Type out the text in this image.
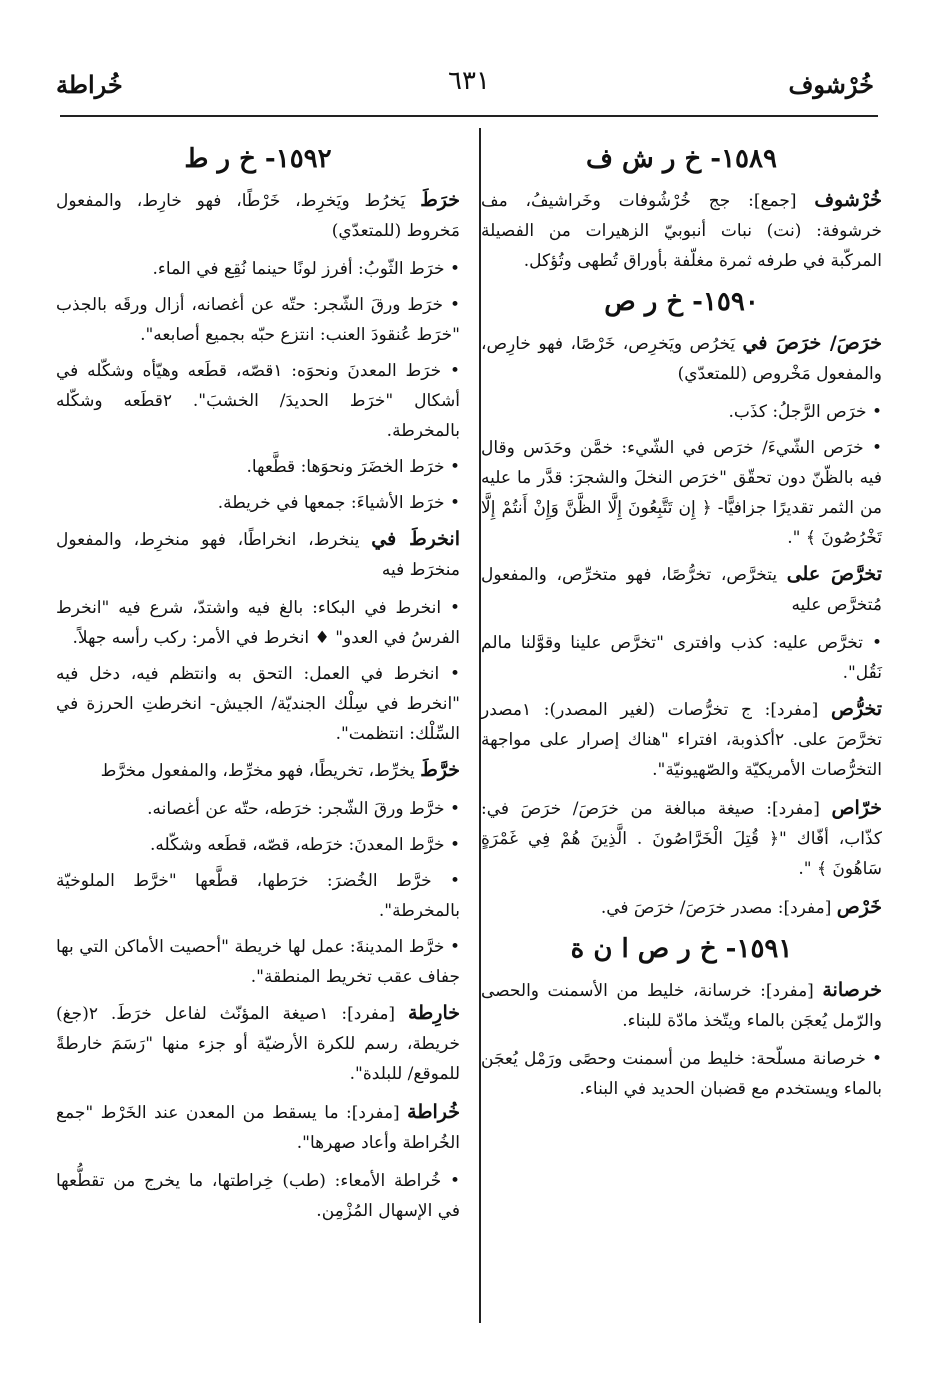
خُرْشوف
٦٣١
خُراطة
١٥٨٩- خ ر ش ف
خُرْشوف [جمع]: جج خُرْشُوفات وخَراشيفُ، مف خرشوفة: (نت) نبات أنبوبيّ الزهيرات من الفصيلة المركّبة في طرفه ثمرة مغلّفة بأوراق تُطهى وتُؤكل.
١٥٩٠- خ ر ص
خرَصَ/ خرَصَ في يَخرُص ويَخرِص، خَرْصًا، فهو خارِص، والمفعول مَخْروص (للمتعدّي)
• خرَص الرَّجلُ: كذَب.
• خرَص الشّيءَ/ خرَص في الشّيء: خمَّن وحَدَس وقال فيه بالظّنّ دون تحقّق "خرَص النخلَ والشجرَ: قدَّر ما عليه من الثمر تقديرًا جزافيًّا- ﴿ إِن تَتَّبِعُونَ إِلَّا الظَّنَّ وَإِنْ أَنتُمْ إِلَّا تَخْرُصُونَ ﴾ ".
تخرَّصَ على يتخرَّص، تخرُّصًا، فهو متخرِّص، والمفعول مُتخرَّص عليه
• تخرَّص عليه: كذب وافترى "تخرَّص علينا وقوَّلنا مالم نَقُل".
تخرُّص [مفرد]: ج تخرُّصات (لغير المصدر): ١مصدر تخرَّصَ على. ٢أكذوبة، افتراء "هناك إصرار على مواجهة التخرُّصات الأمريكيّة والصّهيونيّة".
خرّاص [مفرد]: صيغة مبالغة من خرَصَ/ خرَصَ في: كذّاب، أفّاك "﴿ قُتِلَ الْخَرَّاصُونَ . الَّذِينَ هُمْ فِي غَمْرَةٍ سَاهُونَ ﴾ ".
خَرْص [مفرد]: مصدر خرَصَ/ خرَصَ في.
١٥٩١- خ ر ص ا ن ة
خرصانة [مفرد]: خرسانة، خليط من الأسمنت والحصى والرّمل يُعجَن بالماء ويتّخذ مادّة للبناء.
• خرصانة مسلّحة: خليط من أسمنت وحصًى ورَمْل يُعجَن بالماء ويستخدم مع قضبان الحديد في البناء.
١٥٩٢- خ ر ط
خرَطَ يَخرُط ويَخرِط، خَرْطًا، فهو خارِط، والمفعول مَخروط (للمتعدّي)
• خرَط الثّوبُ: أفرز لونًا حينما نُقِع في الماء.
• خرَط ورقَ الشّجر: حتّه عن أغصانه، أزال ورقَه بالجذب "خرَط عُنقودَ العنب: انتزع حبّه بجميع أصابعه".
• خرَط المعدنَ ونحوَه: ١قصّه، قطَعه وهيّأه وشكّله في أشكال "خرَط الحديدَ/ الخشبَ". ٢قطَعه وشكّله بالمخرطة.
• خرَط الخضَرَ ونحوَها: قطَّعها.
• خرَط الأشياءَ: جمعها في خريطة.
انخرطَ في ينخرط، انخراطًا، فهو منخرِط، والمفعول منخرَط فيه
• انخرط في البكاء: بالغ فيه واشتدّ، شرع فيه "انخرط الفرسُ في العدو" ♦ انخرط في الأمر: ركب رأسه جهلاً.
• انخرط في العمل: التحق به وانتظم فيه، دخل فيه "انخرط في سِلْك الجنديّة/ الجيش- انخرطتِ الحرزة في السِّلْك: انتظمت".
خرَّطَ يخرِّط، تخريطًا، فهو مخرِّط، والمفعول مخرَّط
• خرَّط ورقَ الشّجر: خرَطه، حتّه عن أغصانه.
• خرَّط المعدنَ: خرَطه، قصّه، قطَعه وشكّله.
• خرَّط الخُضرَ: خرَطها، قطَّعها "خرَّط الملوخيّة بالمخرطة".
• خرَّط المدينةَ: عمل لها خريطة "أحصيت الأماكن التي بها جفاف عقب تخريط المنطقة".
خارِطة [مفرد]: ١صيغة المؤنّث لفاعل خرَطَ. ٢(جغ) خريطة، رسم للكرة الأرضيّة أو جزء منها "رَسَمَ خارطةً للموقع/ للبلدة".
خُراطة [مفرد]: ما يسقط من المعدن عند الخَرْط "جمع الخُراطة وأعاد صهرها".
• خُراطة الأمعاء: (طب) خِراطتها، ما يخرج من تقطُّعها في الإسهال المُزْمِن.
